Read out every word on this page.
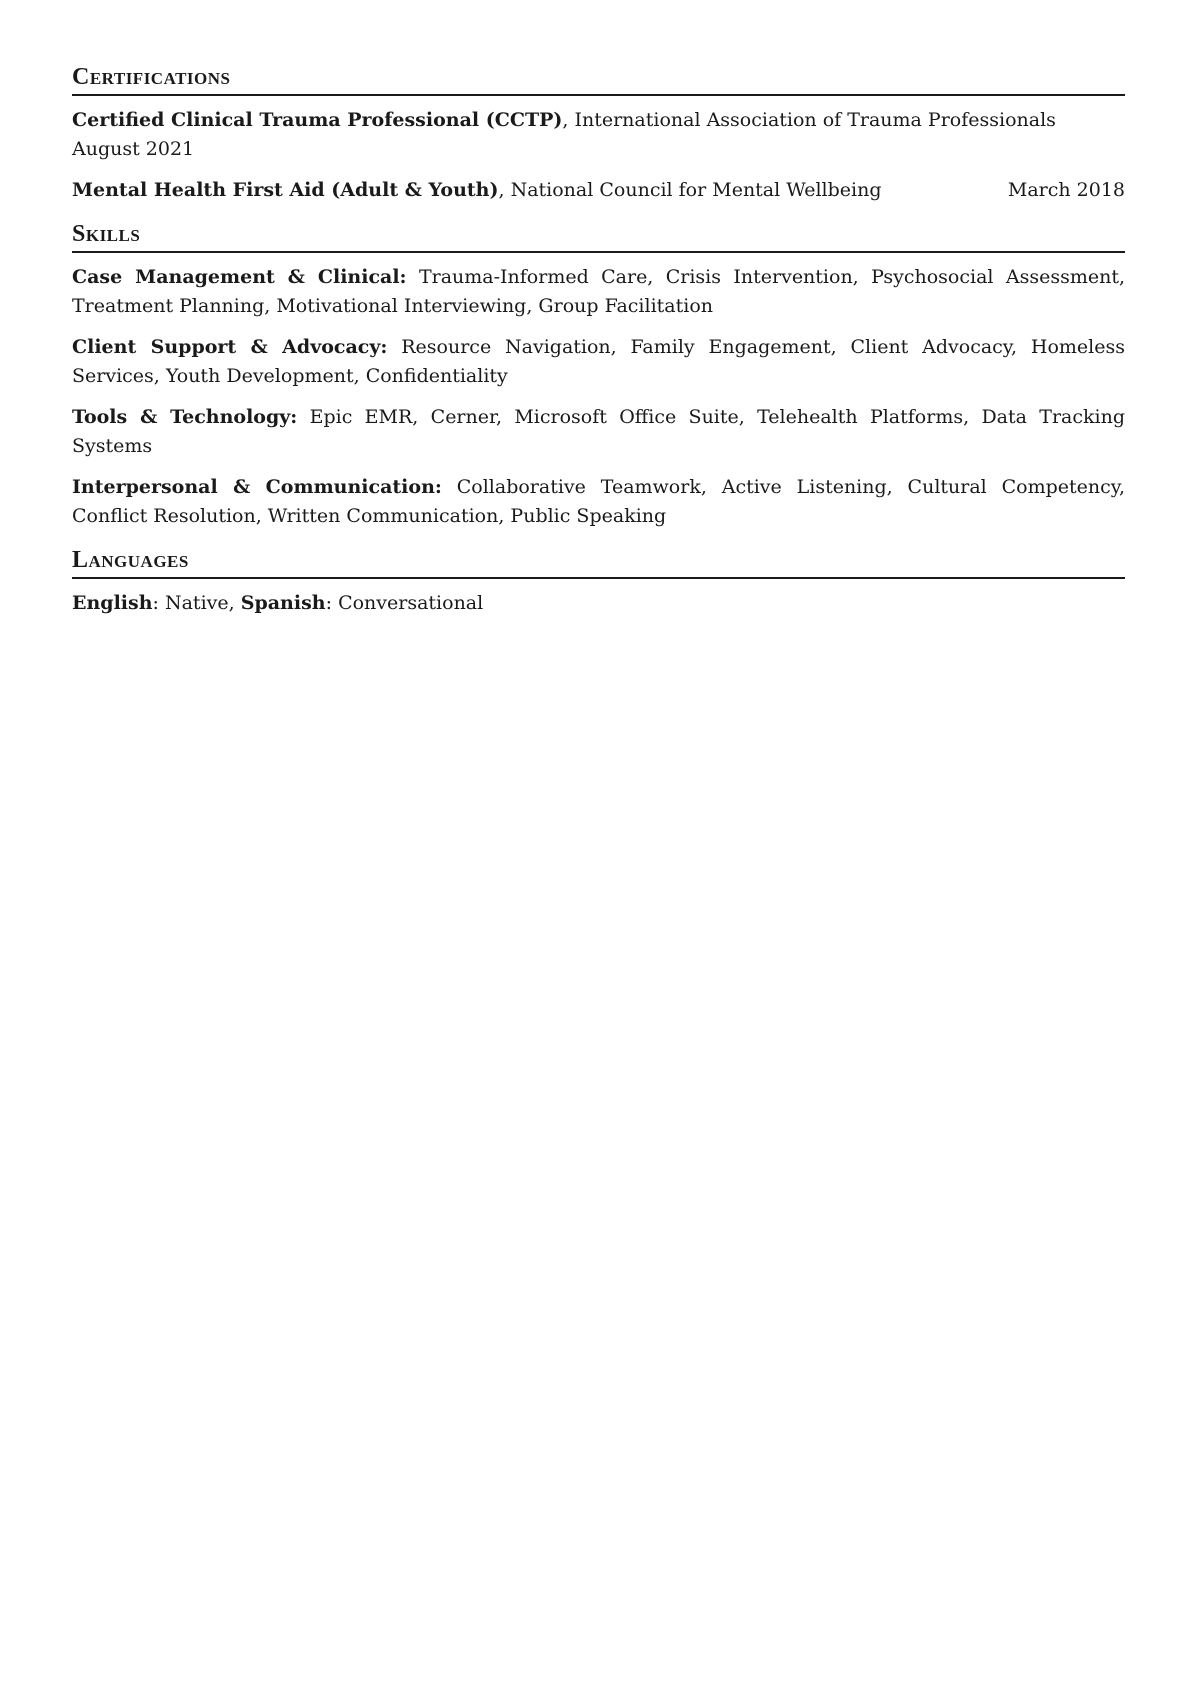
Certifications
Certified Clinical Trauma Professional (CCTP), International Association of Trauma Professionals
August 2021
Mental Health First Aid (Adult & Youth), National Council for Mental Wellbeing	March 2018
Skills
Case Management & Clinical: Trauma-Informed Care, Crisis Intervention, Psychosocial Assessment, Treatment Planning, Motivational Interviewing, Group Facilitation
Client Support & Advocacy: Resource Navigation, Family Engagement, Client Advocacy, Homeless Services, Youth Development, Confidentiality
Tools & Technology: Epic EMR, Cerner, Microsoft Office Suite, Telehealth Platforms, Data Tracking Systems
Interpersonal & Communication: Collaborative Teamwork, Active Listening, Cultural Competency, Conflict Resolution, Written Communication, Public Speaking
Languages
English: Native, Spanish: Conversational
